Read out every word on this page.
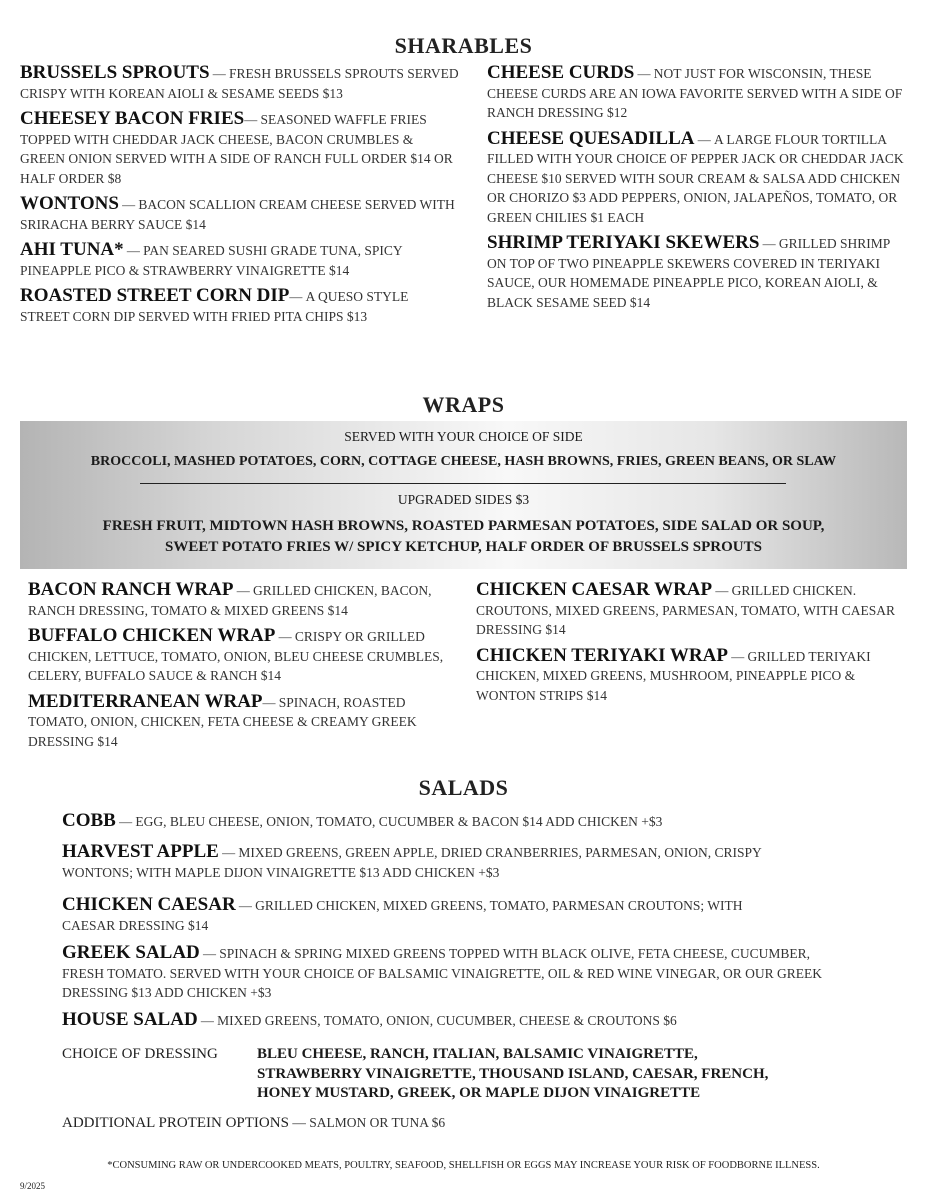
SHARABLES
BRUSSELS SPROUTS — FRESH BRUSSELS SPROUTS SERVED CRISPY WITH KOREAN AIOLI & SESAME SEEDS $13
CHEESEY BACON FRIES— SEASONED WAFFLE FRIES TOPPED WITH CHEDDAR JACK CHEESE, BACON CRUMBLES & GREEN ONION SERVED WITH A SIDE OF RANCH FULL ORDER $14 OR HALF ORDER $8
WONTONS — BACON SCALLION CREAM CHEESE SERVED WITH SRIRACHA BERRY SAUCE $14
AHI TUNA* — PAN SEARED SUSHI GRADE TUNA, SPICY PINEAPPLE PICO & STRAWBERRY VINAIGRETTE $14
ROASTED STREET CORN DIP— A QUESO STYLE STREET CORN DIP SERVED WITH FRIED PITA CHIPS $13
CHEESE CURDS — NOT JUST FOR WISCONSIN, THESE CHEESE CURDS ARE AN IOWA FAVORITE SERVED WITH A SIDE OF RANCH DRESSING $12
CHEESE QUESADILLA — A LARGE FLOUR TORTILLA FILLED WITH YOUR CHOICE OF PEPPER JACK OR CHEDDAR JACK CHEESE $10 SERVED WITH SOUR CREAM & SALSA ADD CHICKEN OR CHORIZO $3 ADD PEPPERS, ONION, JALAPEÑOS, TOMATO, OR GREEN CHILIES $1 EACH
SHRIMP TERIYAKI SKEWERS — GRILLED SHRIMP ON TOP OF TWO PINEAPPLE SKEWERS COVERED IN TERIYAKI SAUCE, OUR HOMEMADE PINEAPPLE PICO, KOREAN AIOLI, & BLACK SESAME SEED $14
WRAPS
SERVED WITH YOUR CHOICE OF SIDE
BROCCOLI, MASHED POTATOES, CORN, COTTAGE CHEESE, HASH BROWNS, FRIES, GREEN BEANS, OR SLAW
UPGRADED SIDES $3
FRESH FRUIT, MIDTOWN HASH BROWNS, ROASTED PARMESAN POTATOES, SIDE SALAD OR SOUP,
SWEET POTATO FRIES W/ SPICY KETCHUP, HALF ORDER OF BRUSSELS SPROUTS
BACON RANCH WRAP — GRILLED CHICKEN, BACON, RANCH DRESSING, TOMATO & MIXED GREENS $14
BUFFALO CHICKEN WRAP — CRISPY OR GRILLED CHICKEN, LETTUCE, TOMATO, ONION, BLEU CHEESE CRUMBLES, CELERY, BUFFALO SAUCE & RANCH $14
MEDITERRANEAN WRAP— SPINACH, ROASTED TOMATO, ONION, CHICKEN, FETA CHEESE & CREAMY GREEK DRESSING $14
CHICKEN CAESAR WRAP — GRILLED CHICKEN. CROUTONS, MIXED GREENS, PARMESAN, TOMATO, WITH CAESAR DRESSING $14
CHICKEN TERIYAKI WRAP — GRILLED TERIYAKI CHICKEN, MIXED GREENS, MUSHROOM, PINEAPPLE PICO & WONTON STRIPS $14
SALADS
COBB — EGG, BLEU CHEESE, ONION, TOMATO, CUCUMBER & BACON $14 ADD CHICKEN +$3
HARVEST APPLE — MIXED GREENS, GREEN APPLE, DRIED CRANBERRIES, PARMESAN, ONION, CRISPY WONTONS; WITH MAPLE DIJON VINAIGRETTE $13 ADD CHICKEN +$3
CHICKEN CAESAR — GRILLED CHICKEN, MIXED GREENS, TOMATO, PARMESAN CROUTONS; WITH CAESAR DRESSING $14
GREEK SALAD — SPINACH & SPRING MIXED GREENS TOPPED WITH BLACK OLIVE, FETA CHEESE, CUCUMBER, FRESH TOMATO. SERVED WITH YOUR CHOICE OF BALSAMIC VINAIGRETTE, OIL & RED WINE VINEGAR, OR OUR GREEK DRESSING $13 ADD CHICKEN +$3
HOUSE SALAD — MIXED GREENS, TOMATO, ONION, CUCUMBER, CHEESE & CROUTONS $6
CHOICE OF DRESSING	BLEU CHEESE, RANCH, ITALIAN, BALSAMIC VINAIGRETTE,
STRAWBERRY VINAIGRETTE, THOUSAND ISLAND, CAESAR, FRENCH,
HONEY MUSTARD, GREEK, OR MAPLE DIJON VINAIGRETTE
ADDITIONAL PROTEIN OPTIONS — SALMON OR TUNA $6
*CONSUMING RAW OR UNDERCOOKED MEATS, POULTRY, SEAFOOD, SHELLFISH OR EGGS MAY INCREASE YOUR RISK OF FOODBORNE ILLNESS.
9/2025
